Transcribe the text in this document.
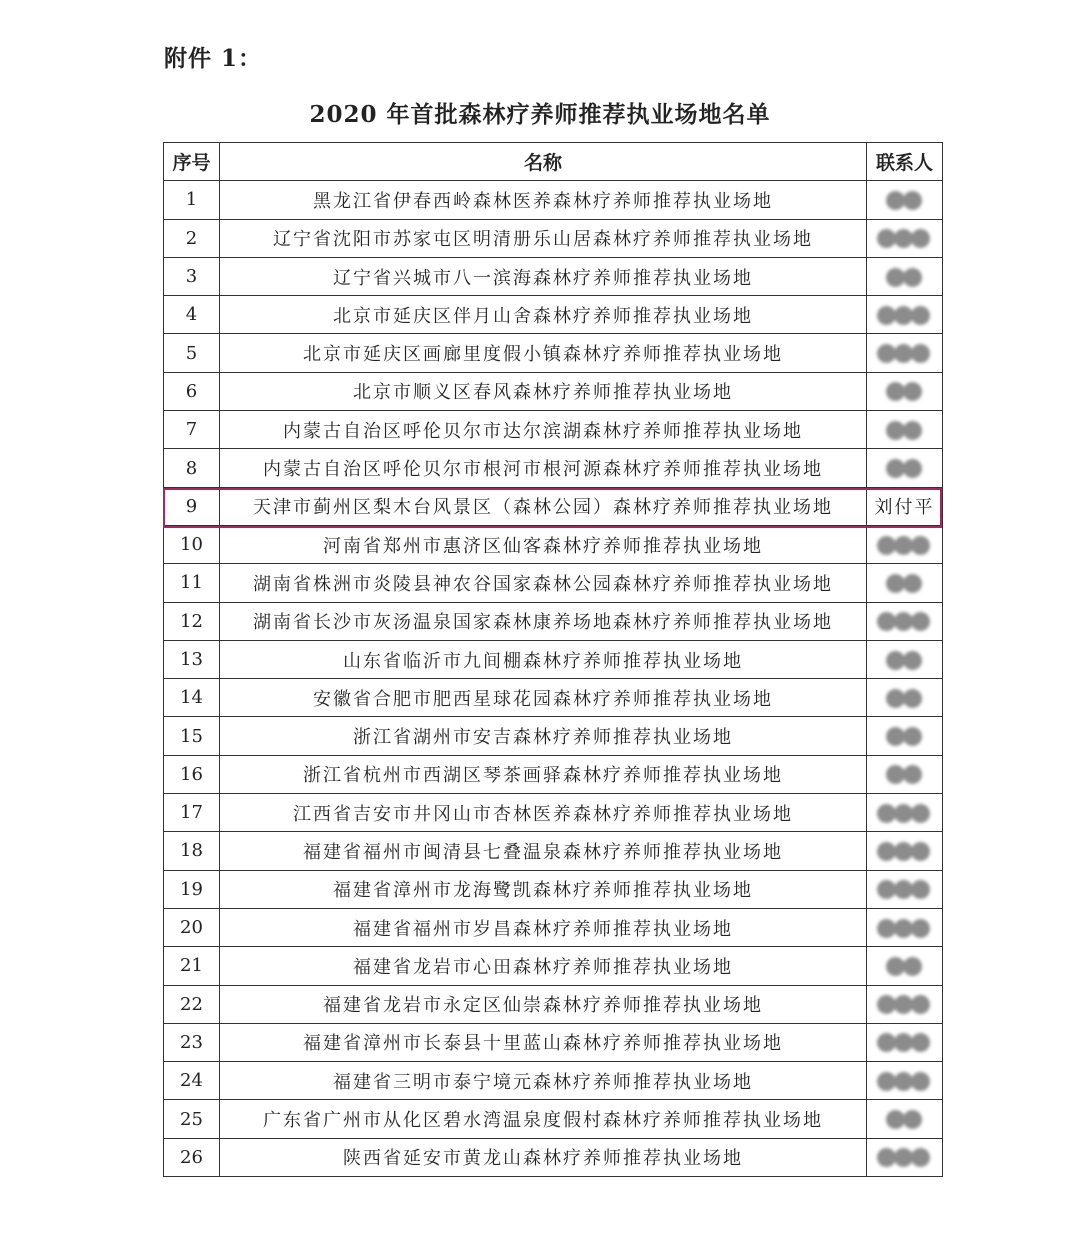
附件 1：
2020 年首批森林疗养师推荐执业场地名单
序号	名称	联系人
1	黑龙江省伊春西岭森林医养森林疗养师推荐执业场地	

2	辽宁省沈阳市苏家屯区明清册乐山居森林疗养师推荐执业场地	

3	辽宁省兴城市八一滨海森林疗养师推荐执业场地	

4	北京市延庆区伴月山舍森林疗养师推荐执业场地	

5	北京市延庆区画廊里度假小镇森林疗养师推荐执业场地	

6	北京市顺义区春风森林疗养师推荐执业场地	

7	内蒙古自治区呼伦贝尔市达尔滨湖森林疗养师推荐执业场地	

8	内蒙古自治区呼伦贝尔市根河市根河源森林疗养师推荐执业场地	

9	天津市蓟州区梨木台风景区（森林公园）森林疗养师推荐执业场地	刘付平
10	河南省郑州市惠济区仙客森林疗养师推荐执业场地	

11	湖南省株洲市炎陵县神农谷国家森林公园森林疗养师推荐执业场地	

12	湖南省长沙市灰汤温泉国家森林康养场地森林疗养师推荐执业场地	

13	山东省临沂市九间棚森林疗养师推荐执业场地	

14	安徽省合肥市肥西星球花园森林疗养师推荐执业场地	

15	浙江省湖州市安吉森林疗养师推荐执业场地	

16	浙江省杭州市西湖区琴茶画驿森林疗养师推荐执业场地	

17	江西省吉安市井冈山市杏林医养森林疗养师推荐执业场地	

18	福建省福州市闽清县七叠温泉森林疗养师推荐执业场地	

19	福建省漳州市龙海鹭凯森林疗养师推荐执业场地	

20	福建省福州市岁昌森林疗养师推荐执业场地	

21	福建省龙岩市心田森林疗养师推荐执业场地	

22	福建省龙岩市永定区仙崇森林疗养师推荐执业场地	

23	福建省漳州市长泰县十里蓝山森林疗养师推荐执业场地	

24	福建省三明市泰宁境元森林疗养师推荐执业场地	

25	广东省广州市从化区碧水湾温泉度假村森林疗养师推荐执业场地	

26	陕西省延安市黄龙山森林疗养师推荐执业场地	
